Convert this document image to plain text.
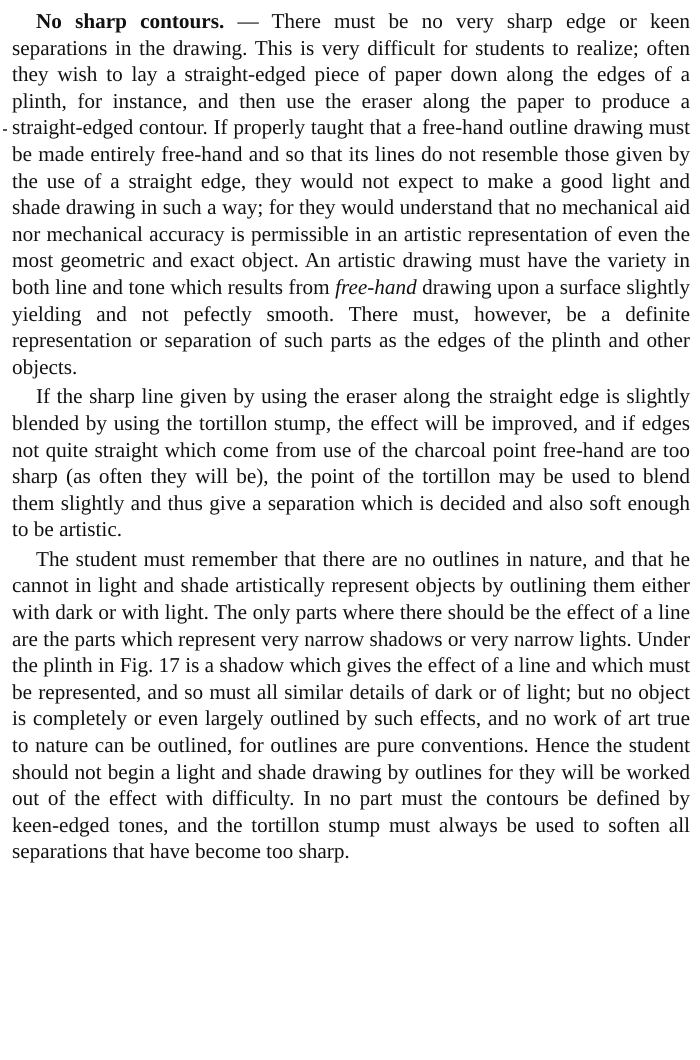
No sharp contours. — There must be no very sharp edge or keen separations in the drawing. This is very difficult for students to realize; often they wish to lay a straight-edged piece of paper down along the edges of a plinth, for instance, and then use the eraser along the paper to produce a straight-edged contour. If properly taught that a free-hand outline drawing must be made entirely free-hand and so that its lines do not resemble those given by the use of a straight edge, they would not expect to make a good light and shade drawing in such a way; for they would understand that no mechanical aid nor mechanical accuracy is permissible in an artistic representation of even the most geometric and exact object. An artistic drawing must have the variety in both line and tone which results from free-hand drawing upon a surface slightly yielding and not pefectly smooth. There must, however, be a definite representation or separation of such parts as the edges of the plinth and other objects.

If the sharp line given by using the eraser along the straight edge is slightly blended by using the tortillon stump, the effect will be improved, and if edges not quite straight which come from use of the charcoal point free-hand are too sharp (as often they will be), the point of the tortillon may be used to blend them slightly and thus give a separation which is decided and also soft enough to be artistic.

The student must remember that there are no outlines in nature, and that he cannot in light and shade artistically represent objects by outlining them either with dark or with light. The only parts where there should be the effect of a line are the parts which represent very narrow shadows or very narrow lights. Under the plinth in Fig. 17 is a shadow which gives the effect of a line and which must be represented, and so must all similar details of dark or of light; but no object is completely or even largely outlined by such effects, and no work of art true to nature can be outlined, for outlines are pure conventions. Hence the student should not begin a light and shade drawing by outlines for they will be worked out of the effect with difficulty. In no part must the contours be defined by keen-edged tones, and the tortillon stump must always be used to soften all separations that have become too sharp.
